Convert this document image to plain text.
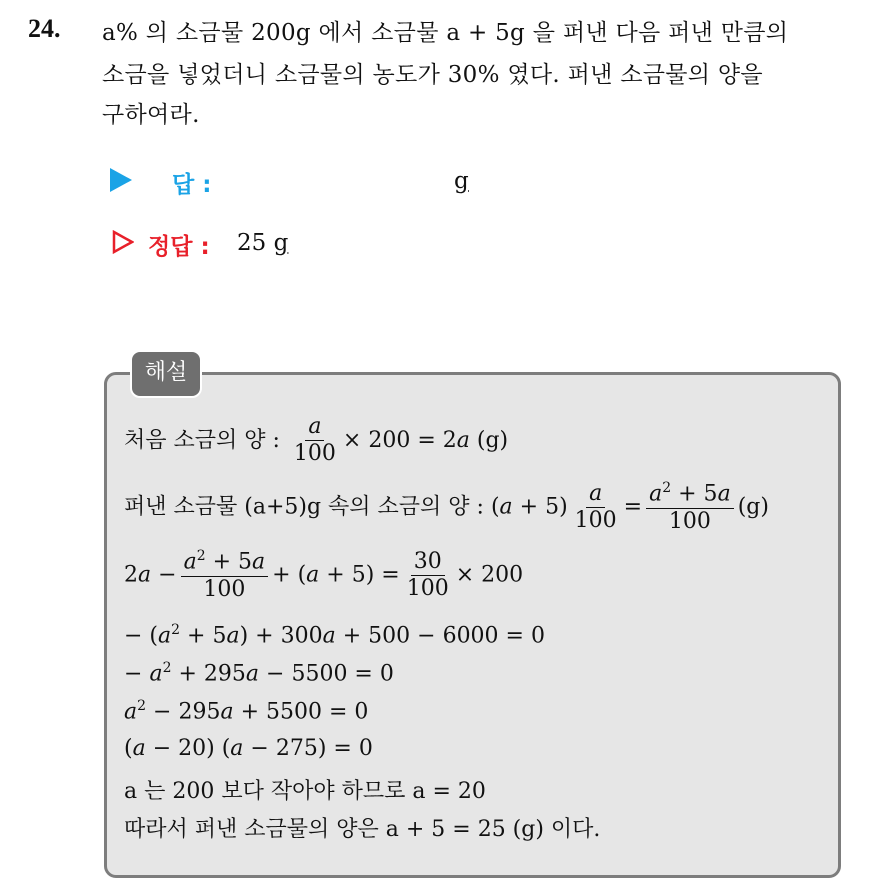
24. a% 의 소금물 200g 에서 소금물 a + 5g 을 퍼낸 다음 퍼낸 만큼의
소금을 넣었더니 소금물의 농도가 30% 였다. 퍼낸 소금물의 양을
구하여라.
답 :	g
정답 : 25 g
해설
처음 소금의 양 : $\frac{a}{100} \times 200 = 2a$ (g)
퍼낸 소금물 (a+5)g 속의 소금의 양 : $(a + 5) \frac{a}{100} = \frac{a^2 + 5a}{100} (g)$
$2a - \frac{a^2 + 5a}{100} + (a + 5) = \frac{30}{100} \times 200$
− $(a^2 + 5a) + 300a + 500 - 6000 = 0$
− $a^2 + 295a - 5500 = 0$
$a^2 - 295a + 5500 = 0$
(a − 20) (a − 275) = 0
a 는 200 보다 작아야 하므로 a = 20
따라서 퍼낸 소금물의 양은 a + 5 = 25 (g) 이다.
